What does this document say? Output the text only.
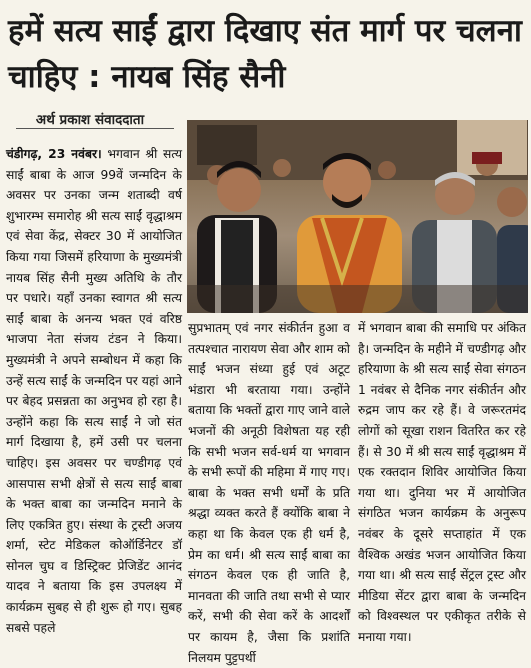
हमें सत्य साईं द्वारा दिखाए संत मार्ग पर चलना चाहिए : नायब सिंह सैनी
अर्थ प्रकाश संवाददाता
चंडीगढ़, 23 नवंबर। भगवान श्री सत्य साईं बाबा के आज 99वें जन्मदिन के अवसर पर उनका जन्म शताब्दी वर्ष शुभारम्भ समारोह श्री सत्य साईं वृद्धाश्रम एवं सेवा केंद्र, सेक्टर 30 में आयोजित किया गया जिसमें हरियाणा के मुख्यमंत्री नायब सिंह सैनी मुख्य अतिथि के तौर पर पधारे। यहाँ उनका स्वागत श्री सत्य साईं बाबा के अनन्य भक्त एवं वरिष्ठ भाजपा नेता संजय टंडन ने किया। मुख्यमंत्री ने अपने सम्बोधन में कहा कि उन्हें सत्य साईं के जन्मदिन पर यहां आने पर बेहद प्रसन्नता का अनुभव हो रहा है। उन्होंने कहा कि सत्य साईं ने जो संत मार्ग दिखाया है, हमें उसी पर चलना चाहिए। इस अवसर पर चण्डीगढ़ एवं आसपास सभी क्षेत्रों से सत्य साईं बाबा के भक्त बाबा का जन्मदिन मनाने के लिए एकत्रित हुए। संस्था के ट्रस्टी अजय शर्मा, स्टेट मेडिकल कोऑर्डिनेटर डॉ सोनल चुघ व डिस्ट्रिक्ट प्रेजिडेंट आनंद यादव ने बताया कि इस उपलक्ष्य में कार्यक्रम सुबह से ही शुरू हो गए। सुबह सबसे पहले
सुप्रभातम् एवं नगर संकीर्तन हुआ व तत्पश्चात नारायण सेवा और शाम को साईं भजन संध्या हुई एवं अटूट भंडारा भी बरताया गया। उन्होंने बताया कि भक्तों द्वारा गाए जाने वाले भजनों की अनूठी विशेषता यह रही कि सभी भजन सर्व-धर्म या भगवान के सभी रूपों की महिमा में गाए गए। बाबा के भक्त सभी धर्मों के प्रति श्रद्धा व्यक्त करते हैं क्योंकि बाबा ने कहा था कि केवल एक ही धर्म है, प्रेम का धर्म। श्री सत्य साईं बाबा का संगठन केवल एक ही जाति है, मानवता की जाति तथा सभी से प्यार करें, सभी की सेवा करें के आदर्शों पर कायम है, जैसा कि प्रशांति निलयम पुट्टपर्थी
में भगवान बाबा की समाधि पर अंकित है। जन्मदिन के महीने में चण्डीगढ़ और हरियाणा के श्री सत्य साईं सेवा संगठन 1 नवंबर से दैनिक नगर संकीर्तन और रुद्रम जाप कर रहे हैं। वे जरूरतमंद लोगों को सूखा राशन वितरित कर रहे हैं। से 30 में श्री सत्य साईं वृद्धाश्रम में एक रक्तदान शिविर आयोजित किया गया था। दुनिया भर में आयोजित संगठित भजन कार्यक्रम के अनुरूप नवंबर के दूसरे सप्ताहांत में एक वैश्विक अखंड भजन आयोजित किया गया था। श्री सत्य साईं सेंट्रल ट्रस्ट और मीडिया सेंटर द्वारा बाबा के जन्मदिन को विश्वस्थल पर एकीकृत तरीके से मनाया गया।
